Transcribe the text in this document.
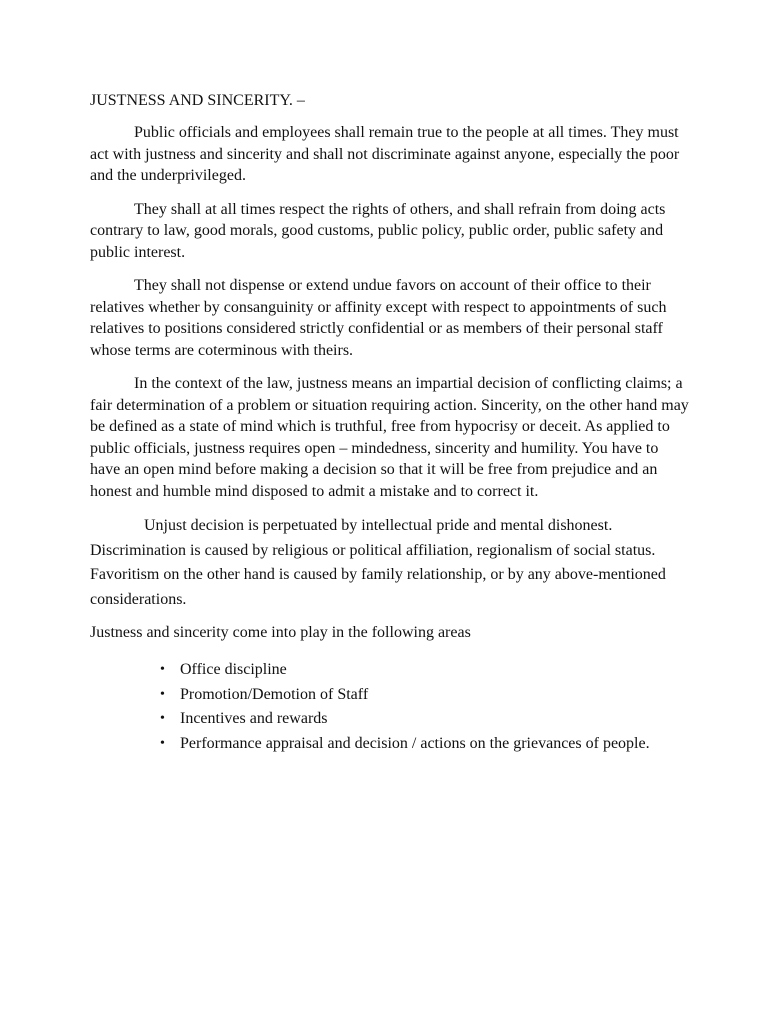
JUSTNESS AND SINCERITY. –

Public officials and employees shall remain true to the people at all times. They must act with justness and sincerity and shall not discriminate against anyone, especially the poor and the underprivileged.

They shall at all times respect the rights of others, and shall refrain from doing acts contrary to law, good morals, good customs, public policy, public order, public safety and public interest.

They shall not dispense or extend undue favors on account of their office to their relatives whether by consanguinity or affinity except with respect to appointments of such relatives to positions considered strictly confidential or as members of their personal staff whose terms are coterminous with theirs.

In the context of the law, justness means an impartial decision of conflicting claims; a fair determination of a problem or situation requiring action. Sincerity, on the other hand may be defined as a state of mind which is truthful, free from hypocrisy or deceit. As applied to public officials, justness requires open – mindedness, sincerity and humility. You have to have an open mind before making a decision so that it will be free from prejudice and an honest and humble mind disposed to admit a mistake and to correct it.

Unjust decision is perpetuated by intellectual pride and mental dishonest. Discrimination is caused by religious or political affiliation, regionalism of social status. Favoritism on the other hand is caused by family relationship, or by any above-mentioned considerations.

Justness and sincerity come into play in the following areas

• Office discipline
• Promotion/Demotion of Staff
• Incentives and rewards
• Performance appraisal and decision / actions on the grievances of people.
